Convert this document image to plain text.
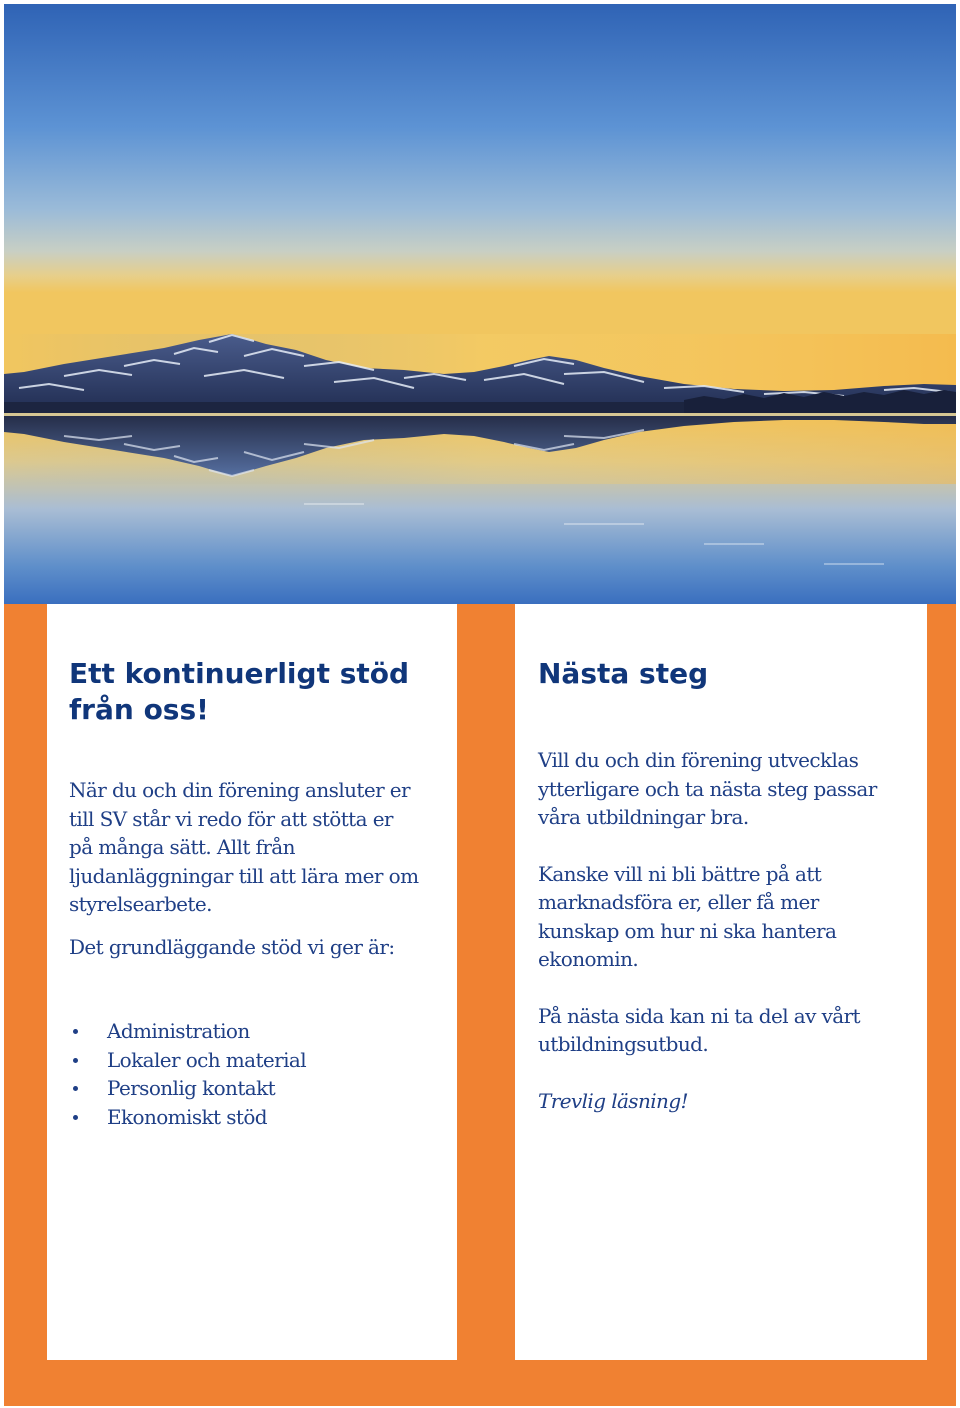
Ett kontinuerligt stöd från oss!

När du och din förening ansluter er till SV står vi redo för att stötta er på många sätt. Allt från ljudanläggningar till att lära mer om styrelsearbete.

Det grundläggande stöd vi ger är:

Administration
Lokaler och material
Personlig kontakt
Ekonomiskt stöd
Nästa steg

Vill du och din förening utvecklas ytterligare och ta nästa steg passar våra utbildningar bra.

Kanske vill ni bli bättre på att marknadsföra er, eller få mer kunskap om hur ni ska hantera ekonomin.

På nästa sida kan ni ta del av vårt utbildningsutbud.

Trevlig läsning!
